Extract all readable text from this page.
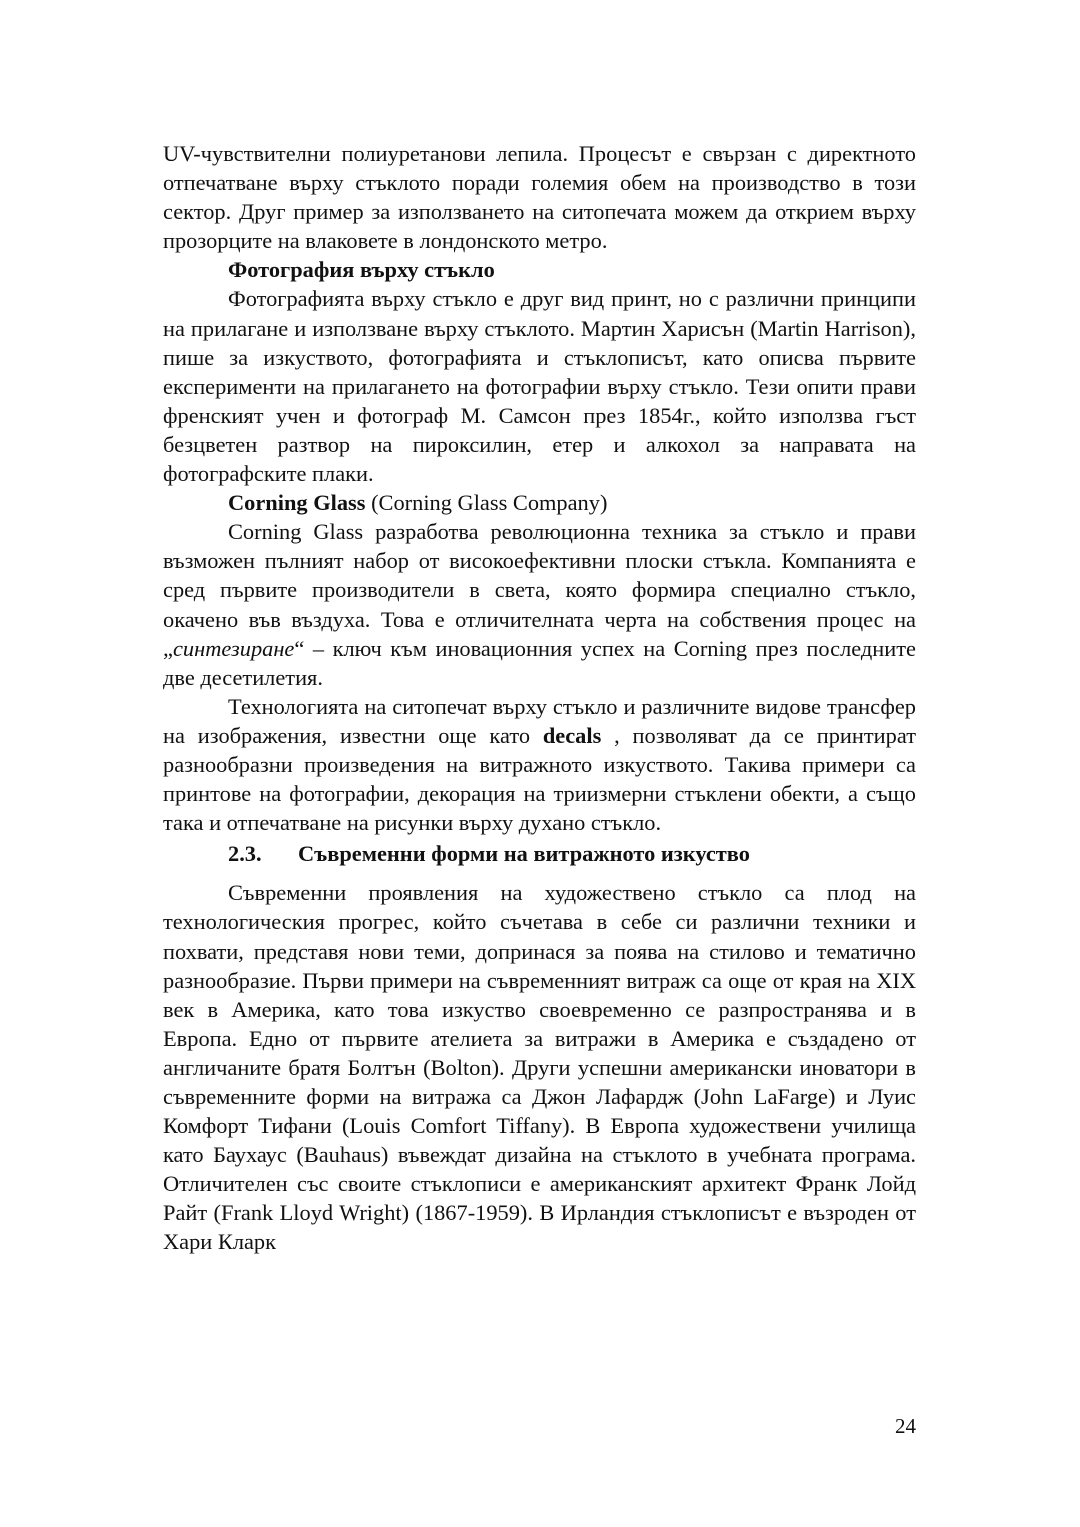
UV-чувствителни полиуретанови лепила. Процесът е свързан с директното отпечатване върху стъклото поради големия обем на производство в този сектор. Друг пример за използването на ситопечата можем да открием върху прозорците на влаковете в лондонското метро.

Фотография върху стъкло

Фотографията върху стъкло е друг вид принт, но с различни принципи на прилагане и използване върху стъклото. Мартин Харисън (Martin Harrison), пише за изкуството, фотографията и стъклописът, като описва първите експерименти на прилагането на фотографии върху стъкло. Тези опити прави френският учен и фотограф М. Самсон през 1854г., който използва гъст безцветен разтвор на пироксилин, етер и алкохол за направата на фотографските плаки.

Corning Glass (Corning Glass Company)

Corning Glass разработва революционна техника за стъкло и прави възможен пълният набор от високоефективни плоски стъкла. Компанията е сред първите производители в света, която формира специално стъкло, окачено във въздуха. Това е отличителната черта на собствения процес на „синтезиране“ – ключ към иновационния успех на Corning през последните две десетилетия.

Технологията на ситопечат върху стъкло и различните видове трансфер на изображения, известни още като decals , позволяват да се принтират разнообразни произведения на витражното изкуството. Такива примери са принтове на фотографии, декорация на триизмерни стъклени обекти, а също така и отпечатване на рисунки върху духано стъкло.

2.3.	Съвременни форми на витражното изкуство

Съвременни проявления на художествено стъкло са плод на технологическия прогрес, който съчетава в себе си различни техники и похвати, представя нови теми, допринася за поява на стилово и тематично разнообразие. Първи примери на съвременният витраж са още от края на XIX век в Америка, като това изкуство своевременно се разпространява и в Европа. Едно от първите ателиета за витражи в Америка е създадено от англичаните братя Болтън (Bolton). Други успешни американски иноватори в съвременните форми на витража са Джон Лафардж (John LaFarge) и Луис Комфорт Тифани (Louis Comfort Tiffany). В Европа художествени училища като Баухаус (Bauhaus) въвеждат дизайна на стъклото в учебната програма. Отличителен със своите стъклописи е американският архитект Франк Лойд Райт (Frank Lloyd Wright) (1867-1959). В Ирландия стъклописът е възроден от Хари Кларк

24
